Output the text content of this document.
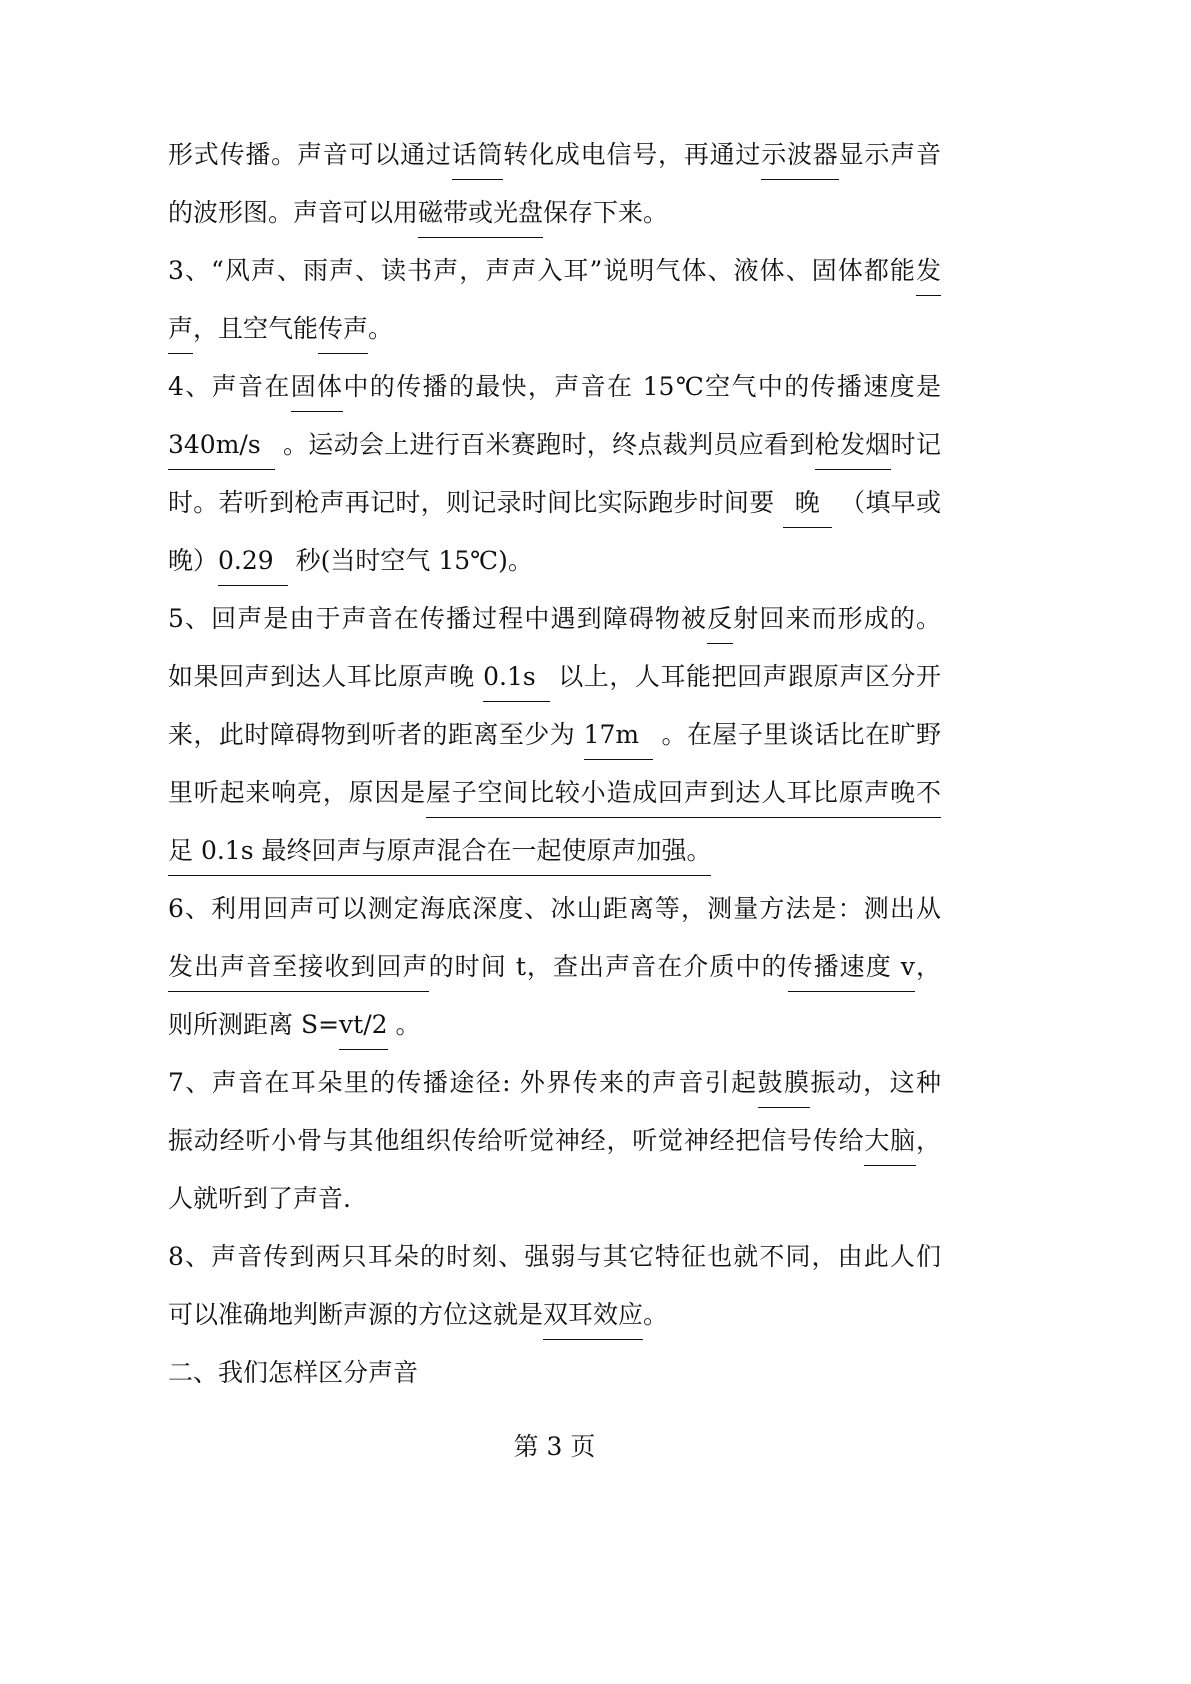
形式传播。声音可以通过话筒转化成电信号，再通过示波器显示声音
的波形图。声音可以用磁带或光盘保存下来。
3、“风声、雨声、读书声，声声入耳”说明气体、液体、固体都能发
声，且空气能传声。
4、声音在固体中的传播的最快，声音在 15℃空气中的传播速度是
340m/s 。运动会上进行百米赛跑时，终点裁判员应看到枪发烟时记
时。若听到枪声再记时，则记录时间比实际跑步时间要 晚 （填早或
晚）0.29 秒(当时空气 15℃)。
5、回声是由于声音在传播过程中遇到障碍物被反射回来而形成的。
如果回声到达人耳比原声晚 0.1s 以上，人耳能把回声跟原声区分开
来，此时障碍物到听者的距离至少为 17m 。在屋子里谈话比在旷野
里听起来响亮，原因是屋子空间比较小造成回声到达人耳比原声晚不
足 0.1s 最终回声与原声混合在一起使原声加强。
6、利用回声可以测定海底深度、冰山距离等，测量方法是：测出从
发出声音至接收到回声的时间 t，查出声音在介质中的传播速度 v，
则所测距离 S=vt/2 。
7、声音在耳朵里的传播途径: 外界传来的声音引起鼓膜振动，这种
振动经听小骨与其他组织传给听觉神经，听觉神经把信号传给大脑，
人就听到了声音.
8、声音传到两只耳朵的时刻、强弱与其它特征也就不同，由此人们
可以准确地判断声源的方位这就是双耳效应。
二、我们怎样区分声音
第 3 页
